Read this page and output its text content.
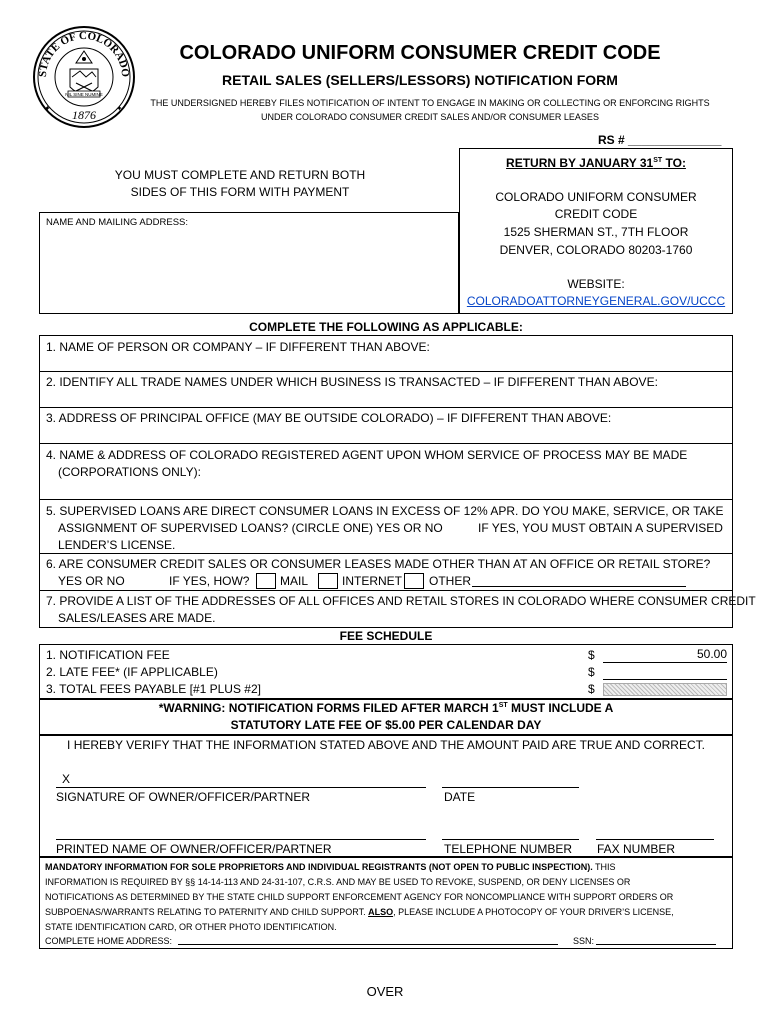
STATE OF COLORADO
NIL SINE NUMINE
1876
✦	✦
COLORADO UNIFORM CONSUMER CREDIT CODE
RETAIL SALES (SELLERS/LESSORS) NOTIFICATION FORM
THE UNDERSIGNED HEREBY FILES NOTIFICATION OF INTENT TO ENGAGE IN MAKING OR COLLECTING OR ENFORCING RIGHTS
UNDER COLORADO CONSUMER CREDIT SALES AND/OR CONSUMER LEASES
RS # ______________
YOU MUST COMPLETE AND RETURN BOTH
SIDES OF THIS FORM WITH PAYMENT
NAME AND MAILING ADDRESS:
RETURN BY JANUARY 31ST TO:
COLORADO UNIFORM CONSUMER
CREDIT CODE
1525 SHERMAN ST., 7TH FLOOR
DENVER, COLORADO 80203-1760
WEBSITE:
COLORADOATTORNEYGENERAL.GOV/UCCC
COMPLETE THE FOLLOWING AS APPLICABLE:
1. NAME OF PERSON OR COMPANY – IF DIFFERENT THAN ABOVE:
2. IDENTIFY ALL TRADE NAMES UNDER WHICH BUSINESS IS TRANSACTED – IF DIFFERENT THAN ABOVE:
3. ADDRESS OF PRINCIPAL OFFICE (MAY BE OUTSIDE COLORADO) – IF DIFFERENT THAN ABOVE:
4. NAME & ADDRESS OF COLORADO REGISTERED AGENT UPON WHOM SERVICE OF PROCESS MAY BE MADE
(CORPORATIONS ONLY):
5. SUPERVISED LOANS ARE DIRECT CONSUMER LOANS IN EXCESS OF 12% APR. DO YOU MAKE, SERVICE, OR TAKE
ASSIGNMENT OF SUPERVISED LOANS? (CIRCLE ONE) YES OR NO	IF YES, YOU MUST OBTAIN A SUPERVISED
LENDER’S LICENSE.
6. ARE CONSUMER CREDIT SALES OR CONSUMER LEASES MADE OTHER THAN AT AN OFFICE OR RETAIL STORE?
YES OR NO	IF YES, HOW?	MAIL	INTERNET OTHER
7. PROVIDE A LIST OF THE ADDRESSES OF ALL OFFICES AND RETAIL STORES IN COLORADO WHERE CONSUMER CREDIT
SALES/LEASES ARE MADE.
FEE SCHEDULE
1. NOTIFICATION FEE	$	50.00
2. LATE FEE* (IF APPLICABLE)	$
3. TOTAL FEES PAYABLE [#1 PLUS #2]	$
*WARNING: NOTIFICATION FORMS FILED AFTER MARCH 1ST MUST INCLUDE A
STATUTORY LATE FEE OF $5.00 PER CALENDAR DAY
I HEREBY VERIFY THAT THE INFORMATION STATED ABOVE AND THE AMOUNT PAID ARE TRUE AND CORRECT.
X
SIGNATURE OF OWNER/OFFICER/PARTNER	DATE
PRINTED NAME OF OWNER/OFFICER/PARTNER	TELEPHONE NUMBER FAX NUMBER
MANDATORY INFORMATION FOR SOLE PROPRIETORS AND INDIVIDUAL REGISTRANTS (NOT OPEN TO PUBLIC INSPECTION). THIS
INFORMATION IS REQUIRED BY §§ 14-14-113 AND 24-31-107, C.R.S. AND MAY BE USED TO REVOKE, SUSPEND, OR DENY LICENSES OR
NOTIFICATIONS AS DETERMINED BY THE STATE CHILD SUPPORT ENFORCEMENT AGENCY FOR NONCOMPLIANCE WITH SUPPORT ORDERS OR
SUBPOENAS/WARRANTS RELATING TO PATERNITY AND CHILD SUPPORT. ALSO, PLEASE INCLUDE A PHOTOCOPY OF YOUR DRIVER’S LICENSE,
STATE IDENTIFICATION CARD, OR OTHER PHOTO IDENTIFICATION.
COMPLETE HOME ADDRESS:	SSN:
OVER
